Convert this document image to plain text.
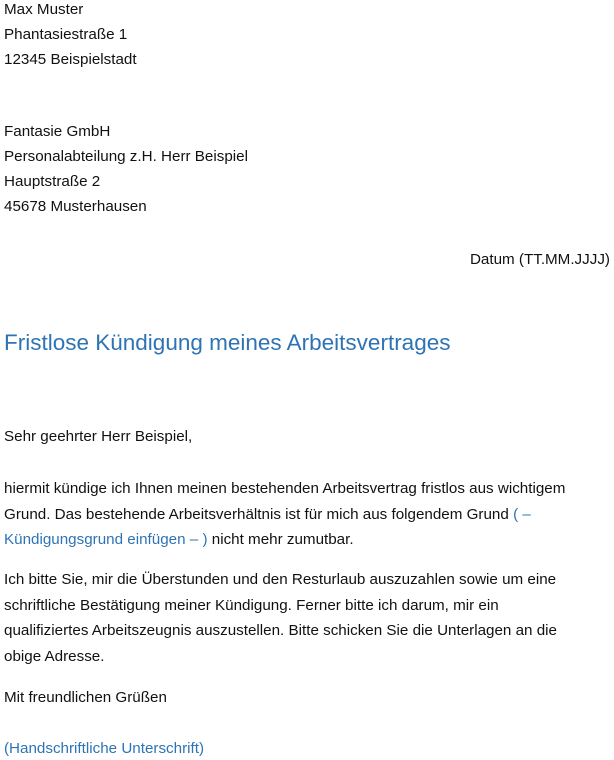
Max Muster
Phantasiestraße 1
12345 Beispielstadt
Fantasie GmbH
Personalabteilung z.H. Herr Beispiel
Hauptstraße 2
45678 Musterhausen
Datum (TT.MM.JJJJ)
Fristlose Kündigung meines Arbeitsvertrages
Sehr geehrter Herr Beispiel,
hiermit kündige ich Ihnen meinen bestehenden Arbeitsvertrag fristlos aus wichtigem
Grund. Das bestehende Arbeitsverhältnis ist für mich aus folgendem Grund ( –
Kündigungsgrund einfügen – ) nicht mehr zumutbar.
Ich bitte Sie, mir die Überstunden und den Resturlaub auszuzahlen sowie um eine
schriftliche Bestätigung meiner Kündigung. Ferner bitte ich darum, mir ein
qualifiziertes Arbeitszeugnis auszustellen. Bitte schicken Sie die Unterlagen an die
obige Adresse.
Mit freundlichen Grüßen
(Handschriftliche Unterschrift)
